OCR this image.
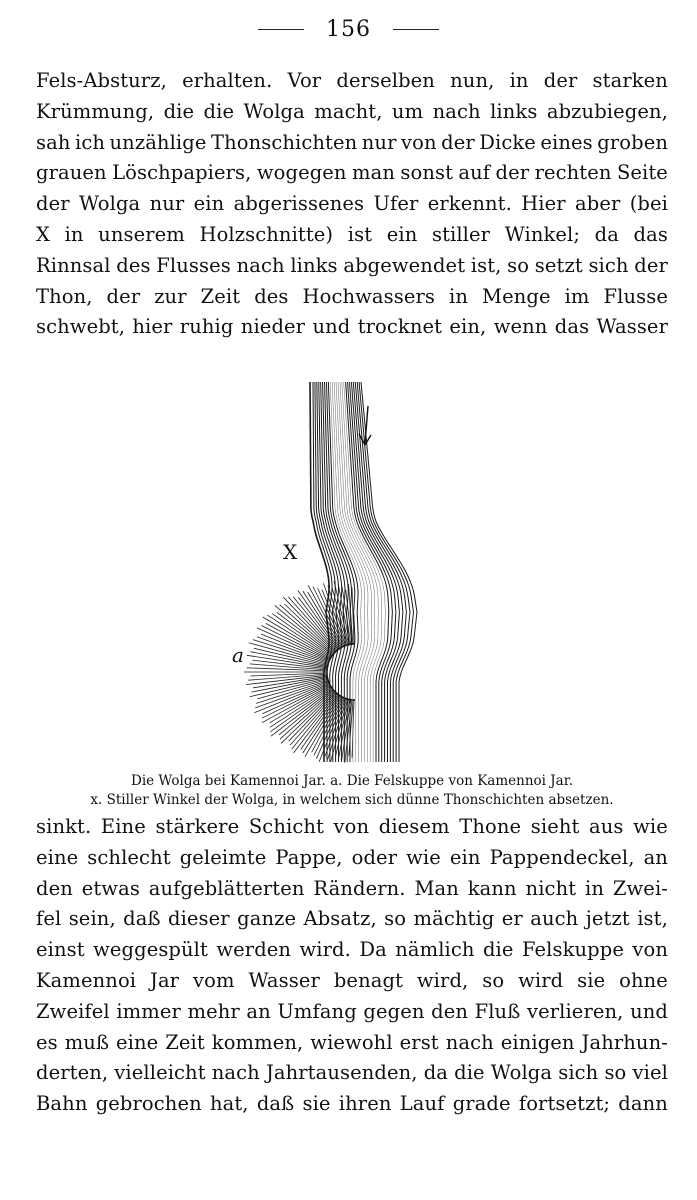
156
Fels-Absturz, erhalten. Vor derselben nun, in der starken
Krümmung, die die Wolga macht, um nach links abzubiegen,
sah ich unzählige Thonschichten nur von der Dicke eines groben
grauen Löschpapiers, wogegen man sonst auf der rechten Seite
der Wolga nur ein abgerissenes Ufer erkennt. Hier aber (bei
X in unserem Holzschnitte) ist ein stiller Winkel; da das
Rinnsal des Flusses nach links abgewendet ist, so setzt sich der
Thon, der zur Zeit des Hochwassers in Menge im Flusse
schwebt, hier ruhig nieder und trocknet ein, wenn das Wasser
X
a
Die Wolga bei Kamennoi Jar. a. Die Felskuppe von Kamennoi Jar.
x. Stiller Winkel der Wolga, in welchem sich dünne Thonschichten absetzen.
sinkt. Eine stärkere Schicht von diesem Thone sieht aus wie
eine schlecht geleimte Pappe, oder wie ein Pappendeckel, an
den etwas aufgeblätterten Rändern. Man kann nicht in Zwei-
fel sein, daß dieser ganze Absatz, so mächtig er auch jetzt ist,
einst weggespült werden wird. Da nämlich die Felskuppe von
Kamennoi Jar vom Wasser benagt wird, so wird sie ohne
Zweifel immer mehr an Umfang gegen den Fluß verlieren, und
es muß eine Zeit kommen, wiewohl erst nach einigen Jahrhun-
derten, vielleicht nach Jahrtausenden, da die Wolga sich so viel
Bahn gebrochen hat, daß sie ihren Lauf grade fortsetzt; dann
